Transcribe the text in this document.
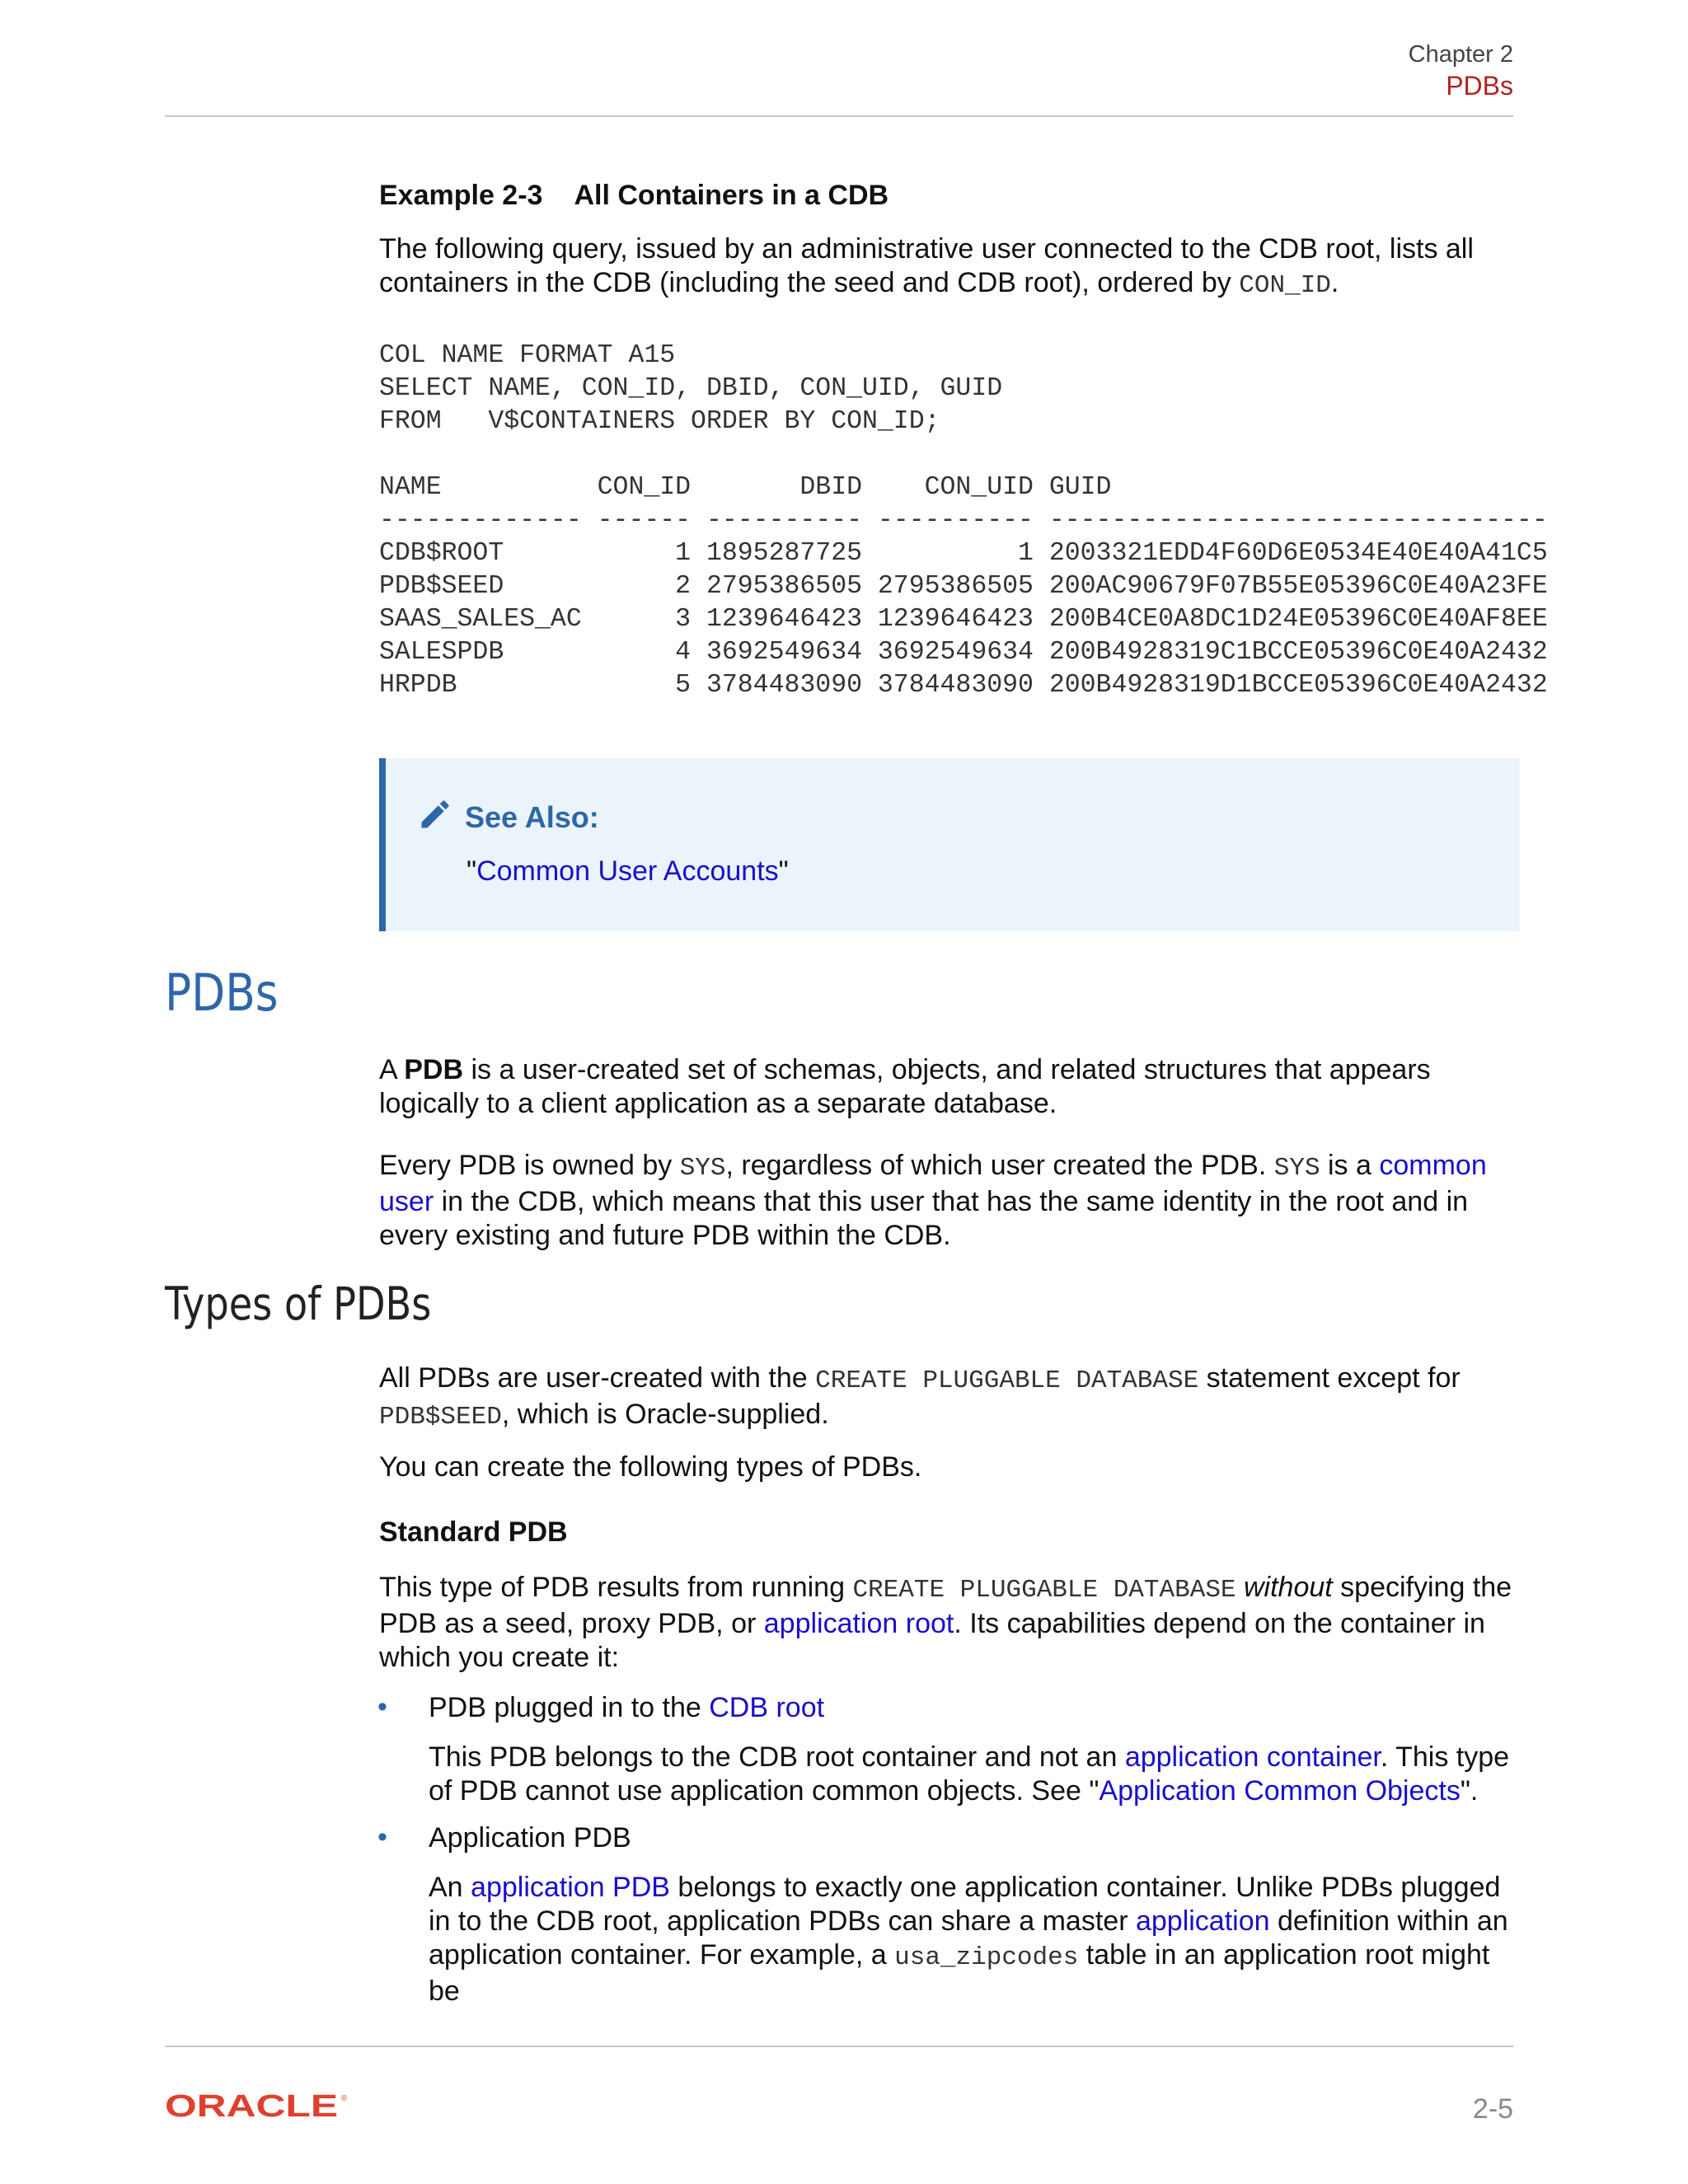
Chapter 2
PDBs
Example 2-3 All Containers in a CDB
The following query, issued by an administrative user connected to the CDB root, lists all containers in the CDB (including the seed and CDB root), ordered by CON_ID.
COL NAME FORMAT A15
SELECT NAME, CON_ID, DBID, CON_UID, GUID
FROM   V$CONTAINERS ORDER BY CON_ID;
NAME          CON_ID       DBID    CON_UID GUID
------------- ------ ---------- ---------- --------------------------------
CDB$ROOT           1 1895287725          1 2003321EDD4F60D6E0534E40E40A41C5
PDB$SEED           2 2795386505 2795386505 200AC90679F07B55E05396C0E40A23FE
SAAS_SALES_AC      3 1239646423 1239646423 200B4CE0A8DC1D24E05396C0E40AF8EE
SALESPDB           4 3692549634 3692549634 200B4928319C1BCCE05396C0E40A2432
HRPDB              5 3784483090 3784483090 200B4928319D1BCCE05396C0E40A2432
See Also:
"Common User Accounts"
PDBs
A PDB is a user-created set of schemas, objects, and related structures that appears logically to a client application as a separate database.
Every PDB is owned by SYS, regardless of which user created the PDB. SYS is a common user in the CDB, which means that this user that has the same identity in the root and in every existing and future PDB within the CDB.
Types of PDBs
All PDBs are user-created with the CREATE PLUGGABLE DATABASE statement except for PDB$SEED, which is Oracle-supplied.
You can create the following types of PDBs.
Standard PDB
This type of PDB results from running CREATE PLUGGABLE DATABASE without specifying the PDB as a seed, proxy PDB, or application root. Its capabilities depend on the container in which you create it:
• PDB plugged in to the CDB root
This PDB belongs to the CDB root container and not an application container. This type of PDB cannot use application common objects. See "Application Common Objects".
• Application PDB
An application PDB belongs to exactly one application container. Unlike PDBs plugged in to the CDB root, application PDBs can share a master application definition within an application container. For example, a usa_zipcodes table in an application root might be
ORACLE ®	2-5
